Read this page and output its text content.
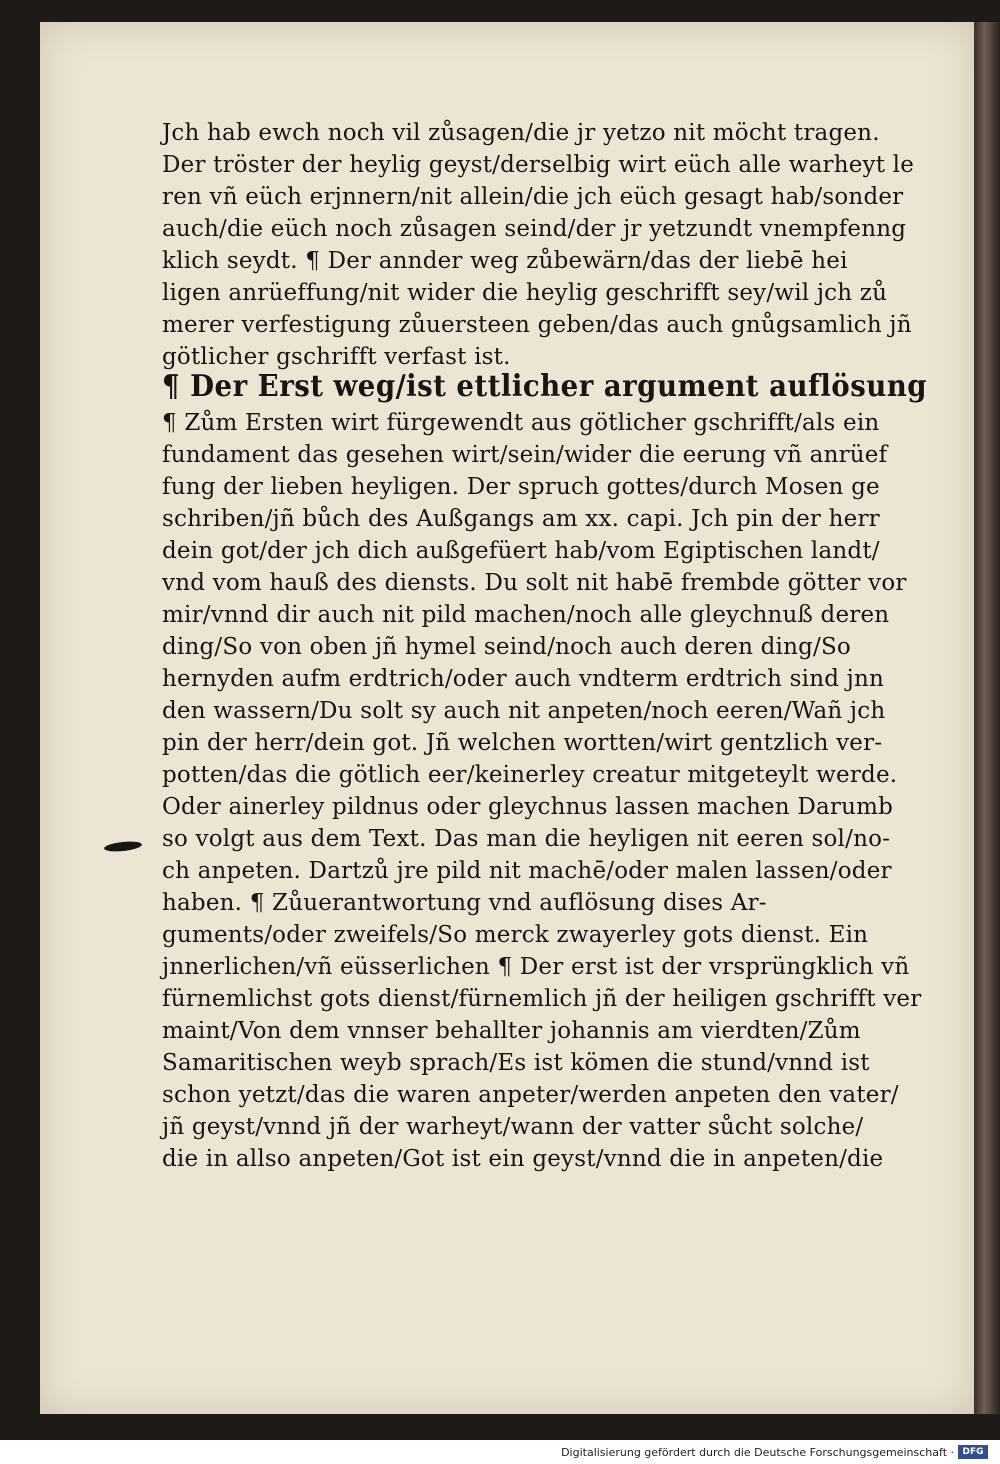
Jch hab ewch noch vil zůsagen/die jr yetzo nit möcht tragen.
Der tröster der heylig geyst/derselbig wirt eüch alle warheyt le
ren vñ eüch erjnnern/nit allein/die jch eüch gesagt hab/sonder
auch/die eüch noch zůsagen seind/der jr yetzundt vnempfenng
klich seydt. ¶ Der annder weg zůbewärn/das der liebē hei
ligen anrüeffung/nit wider die heylig geschrifft sey/wil jch zů
merer verfestigung zůuersteen geben/das auch gnůgsamlich jñ
götlicher gschrifft verfast ist.
¶ Der Erst weg/ist ettlicher argument auflösung
¶ Zům Ersten wirt fürgewendt aus götlicher gschrifft/als ein
fundament das gesehen wirt/sein/wider die eerung vñ anrüef
fung der lieben heyligen. Der spruch gottes/durch Mosen ge
schriben/jñ bůch des Außgangs am xx. capi. Jch pin der herr
dein got/der jch dich außgefüert hab/vom Egiptischen landt/
vnd vom hauß des diensts. Du solt nit habē frembde götter vor
mir/vnnd dir auch nit pild machen/noch alle gleychnuß deren
ding/So von oben jñ hymel seind/noch auch deren ding/So
hernyden aufm erdtrich/oder auch vndterm erdtrich sind jnn
den wassern/Du solt sy auch nit anpeten/noch eeren/Wañ jch
pin der herr/dein got. Jñ welchen wortten/wirt gentzlich ver-
potten/das die götlich eer/keinerley creatur mitgeteylt werde.
Oder ainerley pildnus oder gleychnus lassen machen Darumb
so volgt aus dem Text. Das man die heyligen nit eeren sol/no-
ch anpeten. Dartzů jre pild nit machē/oder malen lassen/oder
haben. ¶ Zůuerantwortung vnd auflösung dises Ar-
guments/oder zweifels/So merck zwayerley gots dienst. Ein
jnnerlichen/vñ eüsserlichen ¶ Der erst ist der vrsprüngklich vñ
fürnemlichst gots dienst/fürnemlich jñ der heiligen gschrifft ver
maint/Von dem vnnser behallter johannis am vierdten/Zům
Samaritischen weyb sprach/Es ist kömen die stund/vnnd ist
schon yetzt/das die waren anpeter/werden anpeten den vater/
jñ geyst/vnnd jñ der warheyt/wann der vatter sůcht solche/
die in allso anpeten/Got ist ein geyst/vnnd die in anpeten/die
Digitalisierung gefördert durch die Deutsche Forschungsgemeinschaft · DFG
